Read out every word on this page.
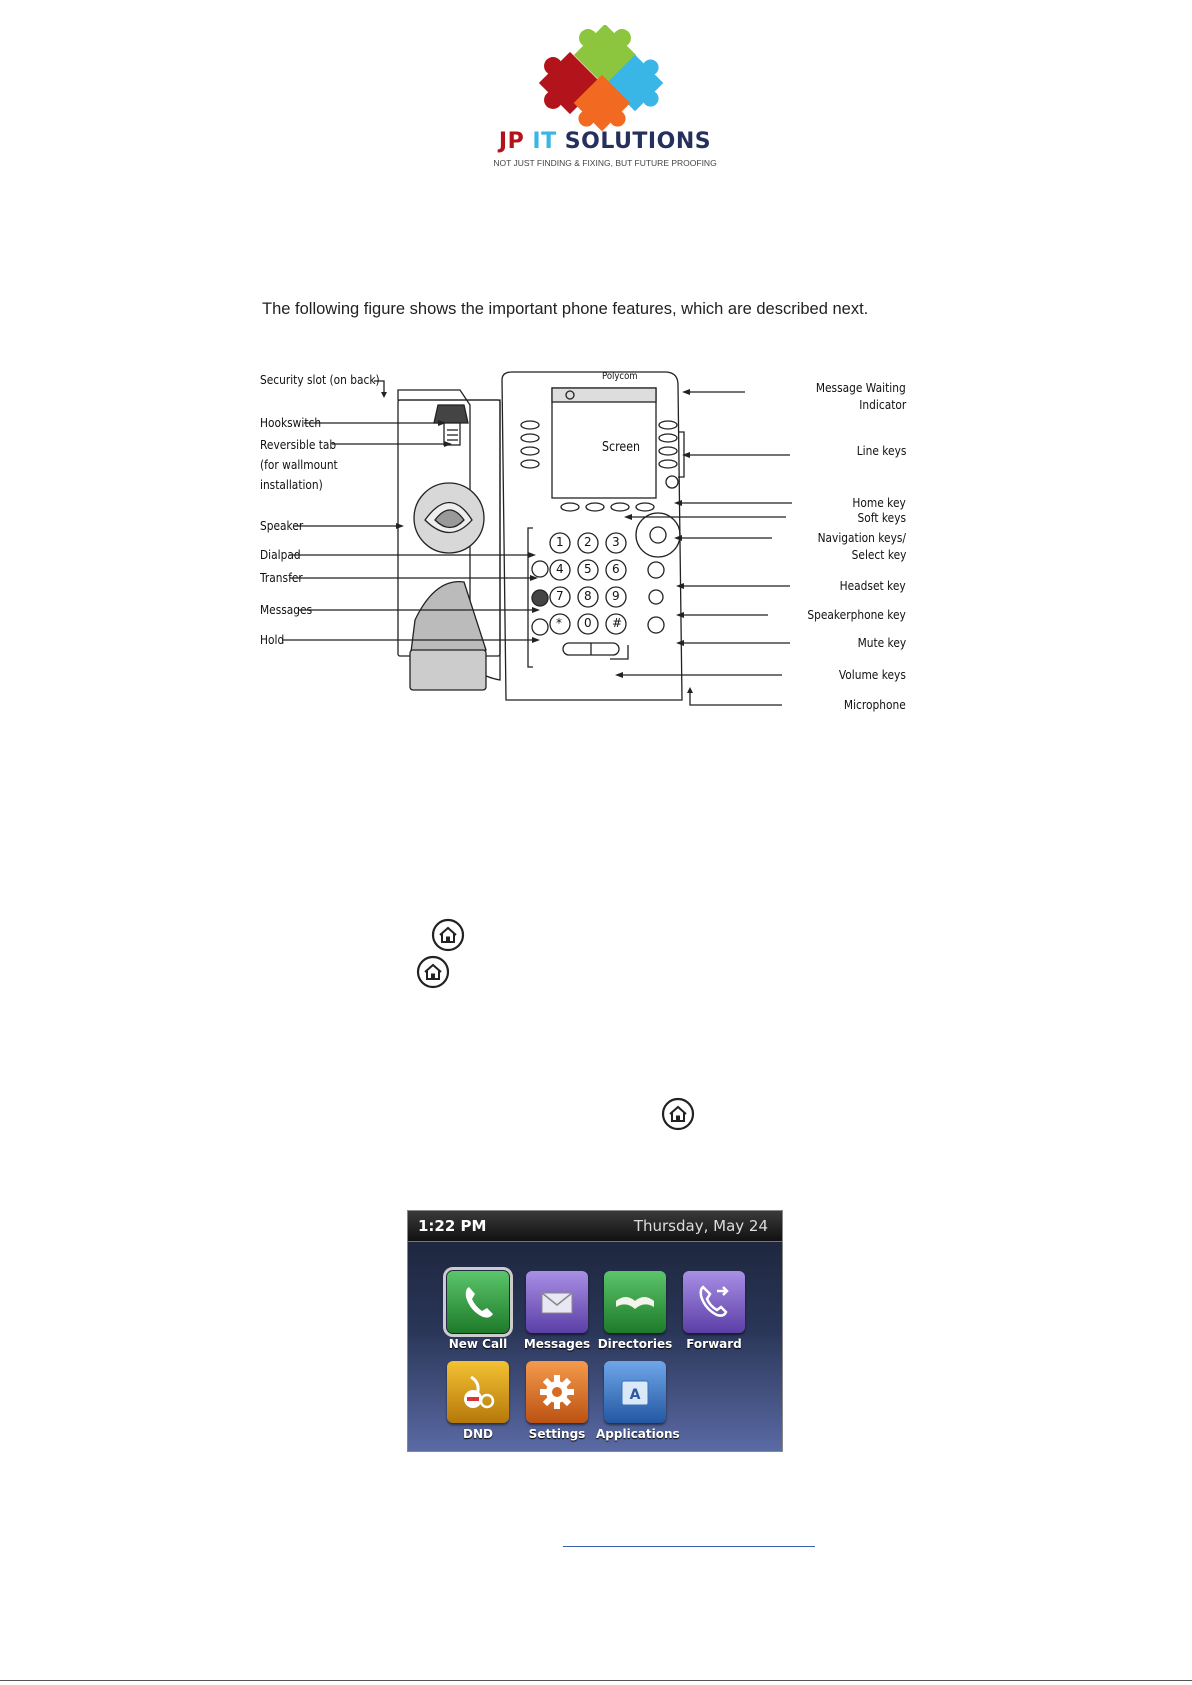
JP IT SOLUTIONS
NOT JUST FINDING & FIXING, BUT FUTURE PROOFING
The following figure shows the important phone features, which are described next.
Security slot (on back)
Hookswitch
Reversible tab
(for wallmount
installation)
Speaker
Dialpad
Transfer
Messages
Hold
Polycom
Screen
Message Waiting
Indicator
Line keys
Home key
Soft keys
Navigation keys/
Select key
Headset key
Speakerphone key
Mute key
Volume keys
Microphone
1 2 3
4 5 6
7 8 9
* 0 #
1:22 PM	Thursday, May 24
New Call	Messages Directories	Forward
DND	Settings
A
Applications
